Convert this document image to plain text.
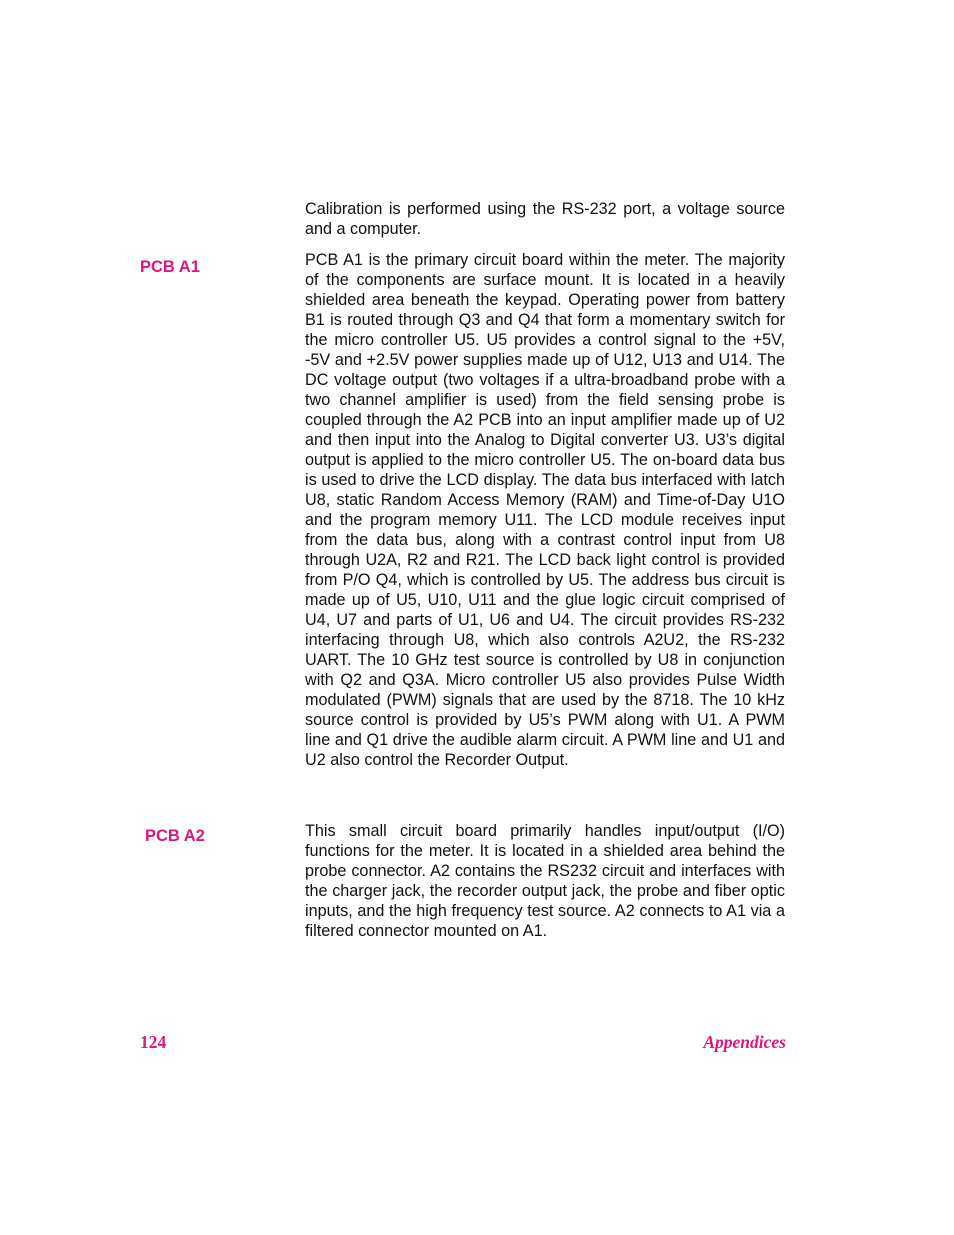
Calibration is performed using the RS-232 port, a voltage source and a computer.

PCB A1	PCB A1 is the primary circuit board within the meter. The majority of the components are surface mount. It is located in a heavily shielded area beneath the keypad. Operating power from battery B1 is routed through Q3 and Q4 that form a momentary switch for the micro controller U5. U5 provides a control signal to the +5V, -5V and +2.5V power supplies made up of U12, U13 and U14. The DC voltage output (two voltages if a ultra-broadband probe with a two channel amplifier is used) from the field sensing probe is coupled through the A2 PCB into an input amplifier made up of U2 and then input into the Analog to Digital converter U3. U3’s digital output is applied to the micro controller U5. The on-board data bus is used to drive the LCD display. The data bus interfaced with latch U8, static Random Access Memory (RAM) and Time-of-Day U1O and the program memory U11. The LCD module receives input from the data bus, along with a contrast control input from U8 through U2A, R2 and R21. The LCD back light control is provided from P/O Q4, which is controlled by U5. The address bus circuit is made up of U5, U10, U11 and the glue logic circuit comprised of U4, U7 and parts of U1, U6 and U4. The circuit provides RS-232 interfacing through U8, which also controls A2U2, the RS-232 UART. The 10 GHz test source is controlled by U8 in conjunction with Q2 and Q3A. Micro controller U5 also provides Pulse Width modulated (PWM) signals that are used by the 8718. The 10 kHz source control is provided by U5’s PWM along with U1. A PWM line and Q1 drive the audible alarm circuit. A PWM line and U1 and U2 also control the Recorder Output.

PCB A2	This small circuit board primarily handles input/output (I/O) functions for the meter. It is located in a shielded area behind the probe connector. A2 contains the RS232 circuit and interfaces with the charger jack, the recorder output jack, the probe and fiber optic inputs, and the high frequency test source. A2 connects to A1 via a filtered connector mounted on A1.

124	Appendices
